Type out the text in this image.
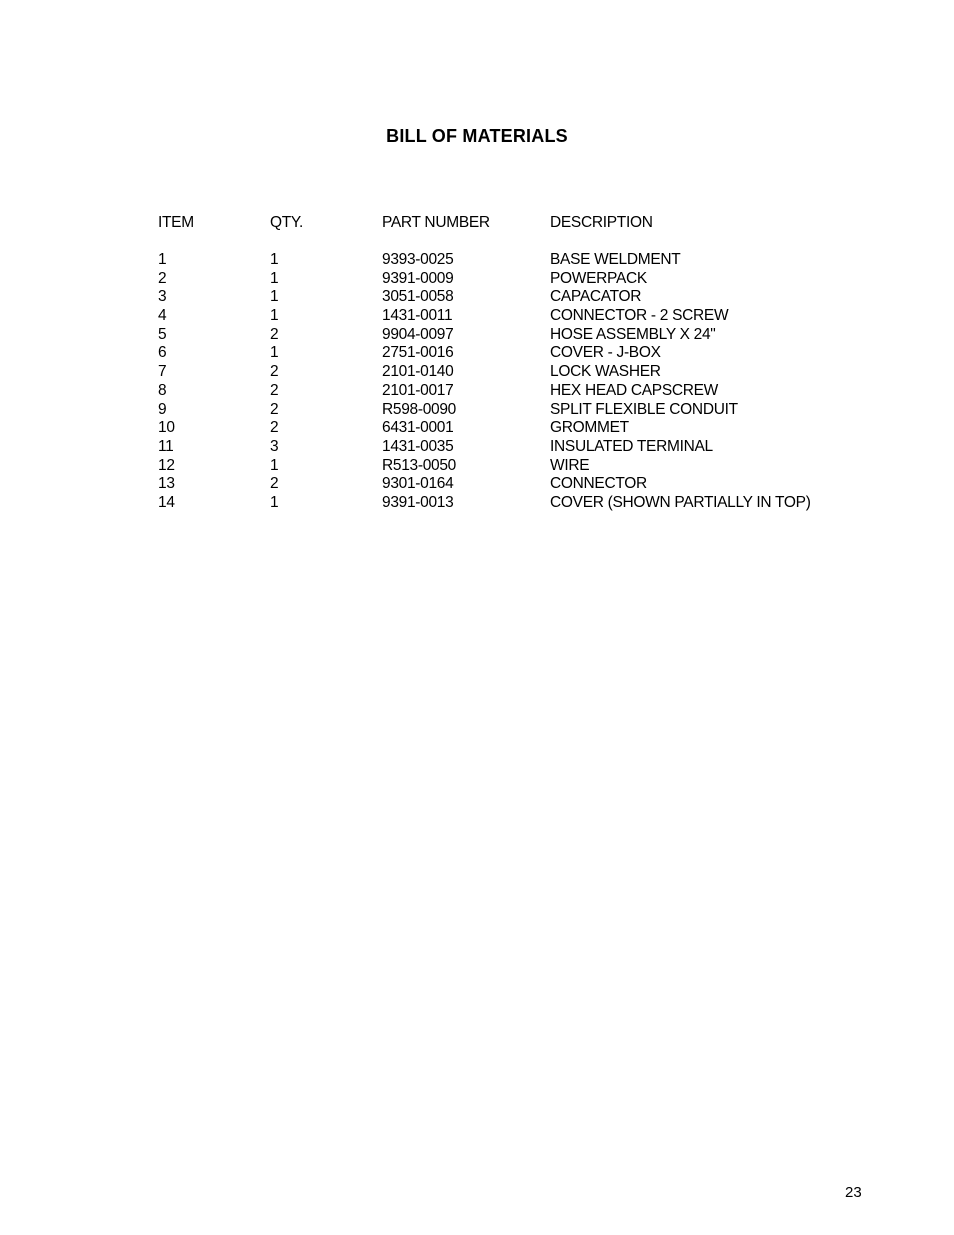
BILL OF MATERIALS
ITEM	QTY.	PART NUMBER	DESCRIPTION
1	1	9393-0025	BASE WELDMENT
2	1	9391-0009	POWERPACK
3	1	3051-0058	CAPACATOR
4	1	1431-0011	CONNECTOR - 2 SCREW
5	2	9904-0097	HOSE ASSEMBLY X 24"
6	1	2751-0016	COVER - J-BOX
7	2	2101-0140	LOCK WASHER
8	2	2101-0017	HEX HEAD CAPSCREW
9	2	R598-0090	SPLIT FLEXIBLE CONDUIT
10	2	6431-0001	GROMMET
11	3	1431-0035	INSULATED TERMINAL
12	1	R513-0050	WIRE
13	2	9301-0164	CONNECTOR
14	1	9391-0013	COVER (SHOWN PARTIALLY IN TOP)
23
